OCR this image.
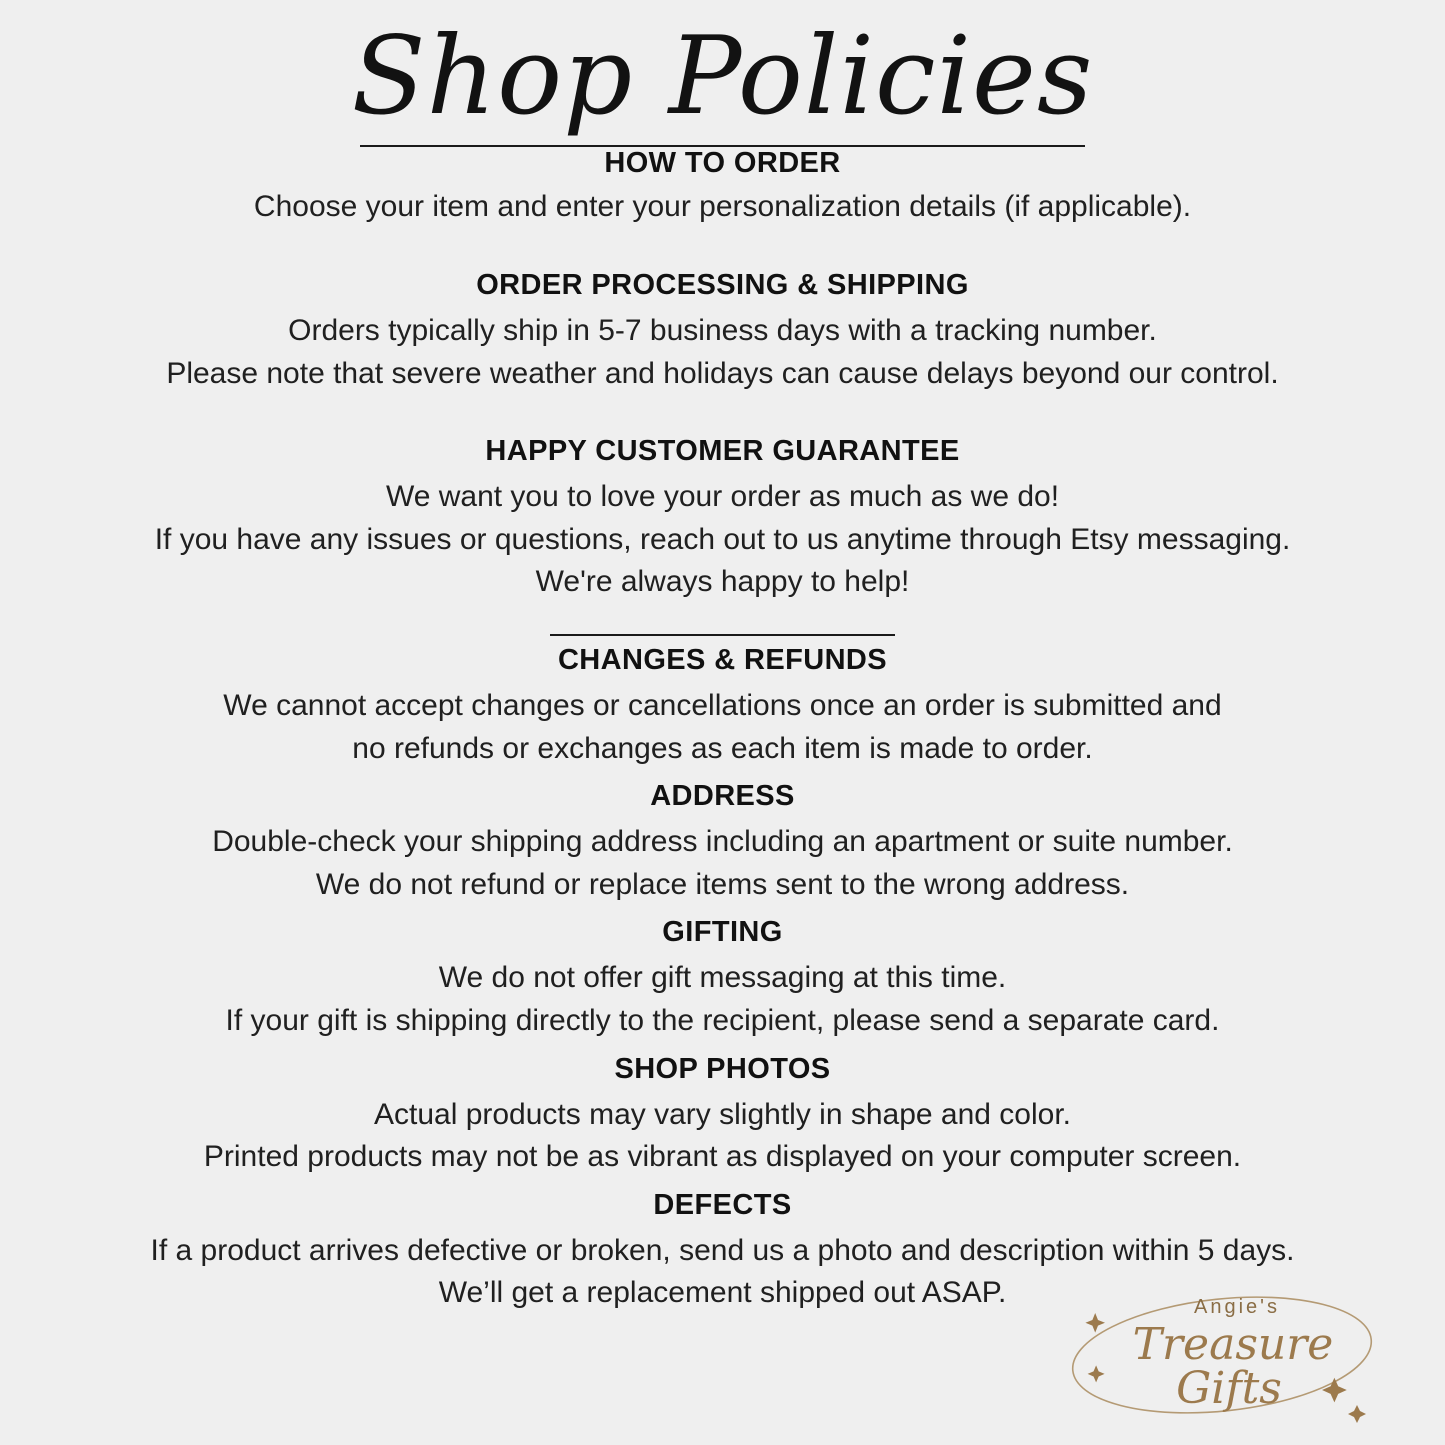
Shop Policies
HOW TO ORDER
Choose your item and enter your personalization details (if applicable).
ORDER PROCESSING & SHIPPING
Orders typically ship in 5-7 business days with a tracking number.
Please note that severe weather and holidays can cause delays beyond our control.
HAPPY CUSTOMER GUARANTEE
We want you to love your order as much as we do!
If you have any issues or questions, reach out to us anytime through Etsy messaging.
We're always happy to help!
CHANGES & REFUNDS
We cannot accept changes or cancellations once an order is submitted and
no refunds or exchanges as each item is made to order.
ADDRESS
Double-check your shipping address including an apartment or suite number.
We do not refund or replace items sent to the wrong address.
GIFTING
We do not offer gift messaging at this time.
If your gift is shipping directly to the recipient, please send a separate card.
SHOP PHOTOS
Actual products may vary slightly in shape and color.
Printed products may not be as vibrant as displayed on your computer screen.
DEFECTS
If a product arrives defective or broken, send us a photo and description within 5 days.
We’ll get a replacement shipped out ASAP.	Angie's
Treasure
Gifts
